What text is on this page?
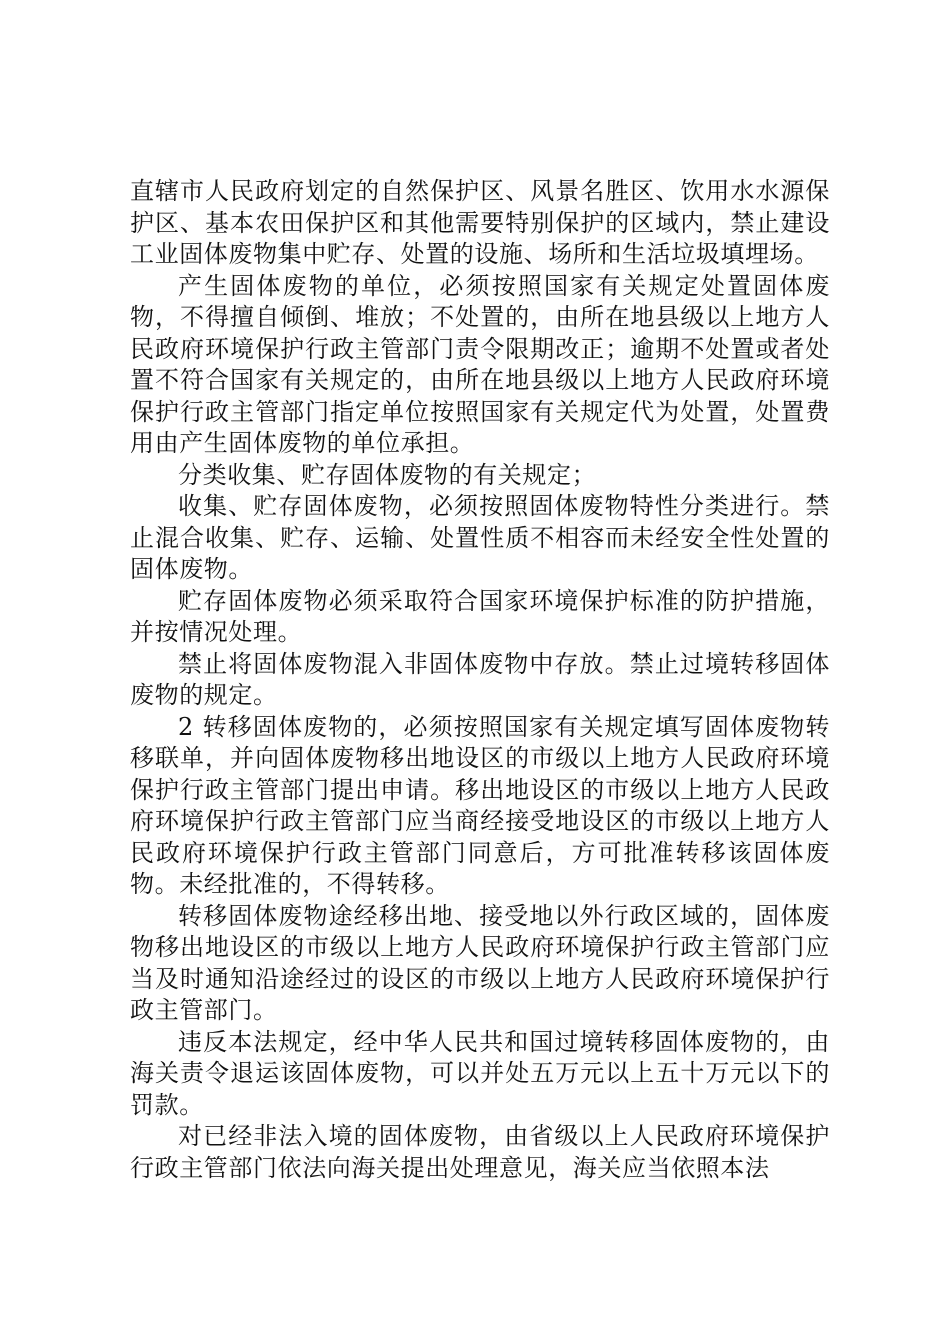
直辖市人民政府划定的自然保护区、风景名胜区、饮用水水源保护区、基本农田保护区和其他需要特别保护的区域内，禁止建设工业固体废物集中贮存、处置的设施、场所和生活垃圾填埋场。

产生固体废物的单位，必须按照国家有关规定处置固体废物，不得擅自倾倒、堆放；不处置的，由所在地县级以上地方人民政府环境保护行政主管部门责令限期改正；逾期不处置或者处置不符合国家有关规定的，由所在地县级以上地方人民政府环境保护行政主管部门指定单位按照国家有关规定代为处置，处置费用由产生固体废物的单位承担。

分类收集、贮存固体废物的有关规定；

收集、贮存固体废物，必须按照固体废物特性分类进行。禁止混合收集、贮存、运输、处置性质不相容而未经安全性处置的固体废物。

贮存固体废物必须采取符合国家环境保护标准的防护措施，并按情况处理。

禁止将固体废物混入非固体废物中存放。禁止过境转移固体废物的规定。

2 转移固体废物的，必须按照国家有关规定填写固体废物转移联单，并向固体废物移出地设区的市级以上地方人民政府环境保护行政主管部门提出申请。移出地设区的市级以上地方人民政府环境保护行政主管部门应当商经接受地设区的市级以上地方人民政府环境保护行政主管部门同意后，方可批准转移该固体废物。未经批准的，不得转移。

转移固体废物途经移出地、接受地以外行政区域的，固体废物移出地设区的市级以上地方人民政府环境保护行政主管部门应当及时通知沿途经过的设区的市级以上地方人民政府环境保护行政主管部门。

违反本法规定，经中华人民共和国过境转移固体废物的，由海关责令退运该固体废物，可以并处五万元以上五十万元以下的罚款。

对已经非法入境的固体废物，由省级以上人民政府环境保护行政主管部门依法向海关提出处理意见，海关应当依照本法
